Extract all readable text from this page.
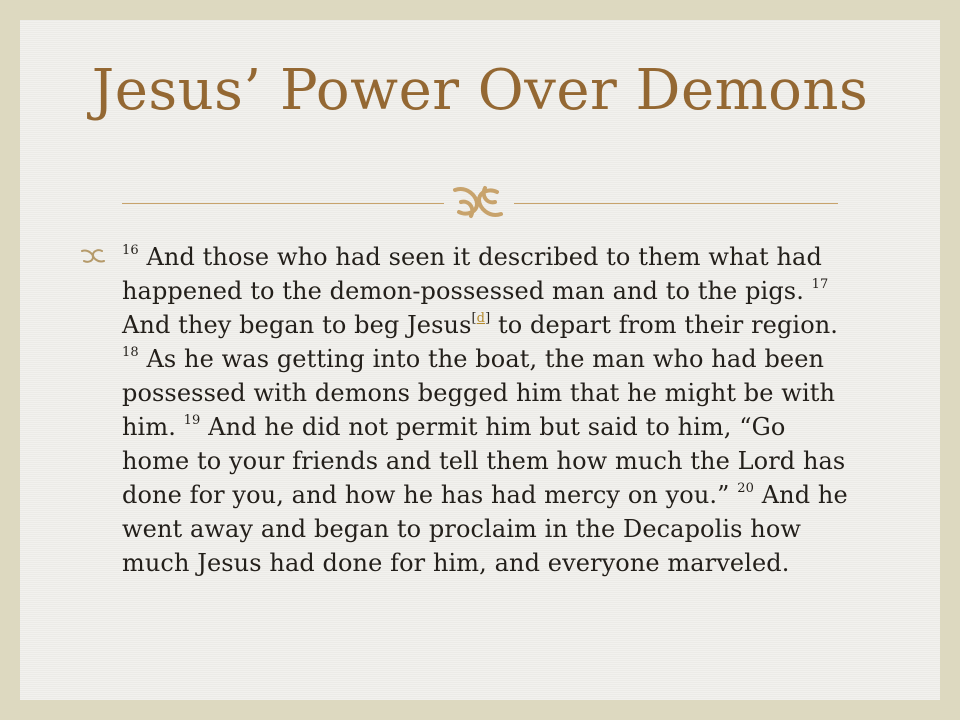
Jesus’ Power Over Demons

$^{16}$ And those who had seen it described to them what had happened to the demon-possessed man and to the pigs. $^{17}$ And they began to beg Jesus[d] to depart from their region. $^{18}$ As he was getting into the boat, the man who had been possessed with demons begged him that he might be with him. $^{19}$ And he did not permit him but said to him, “Go home to your friends and tell them how much the Lord has done for you, and how he has had mercy on you.” $^{20}$ And he went away and began to proclaim in the Decapolis how much Jesus had done for him, and everyone marveled.
